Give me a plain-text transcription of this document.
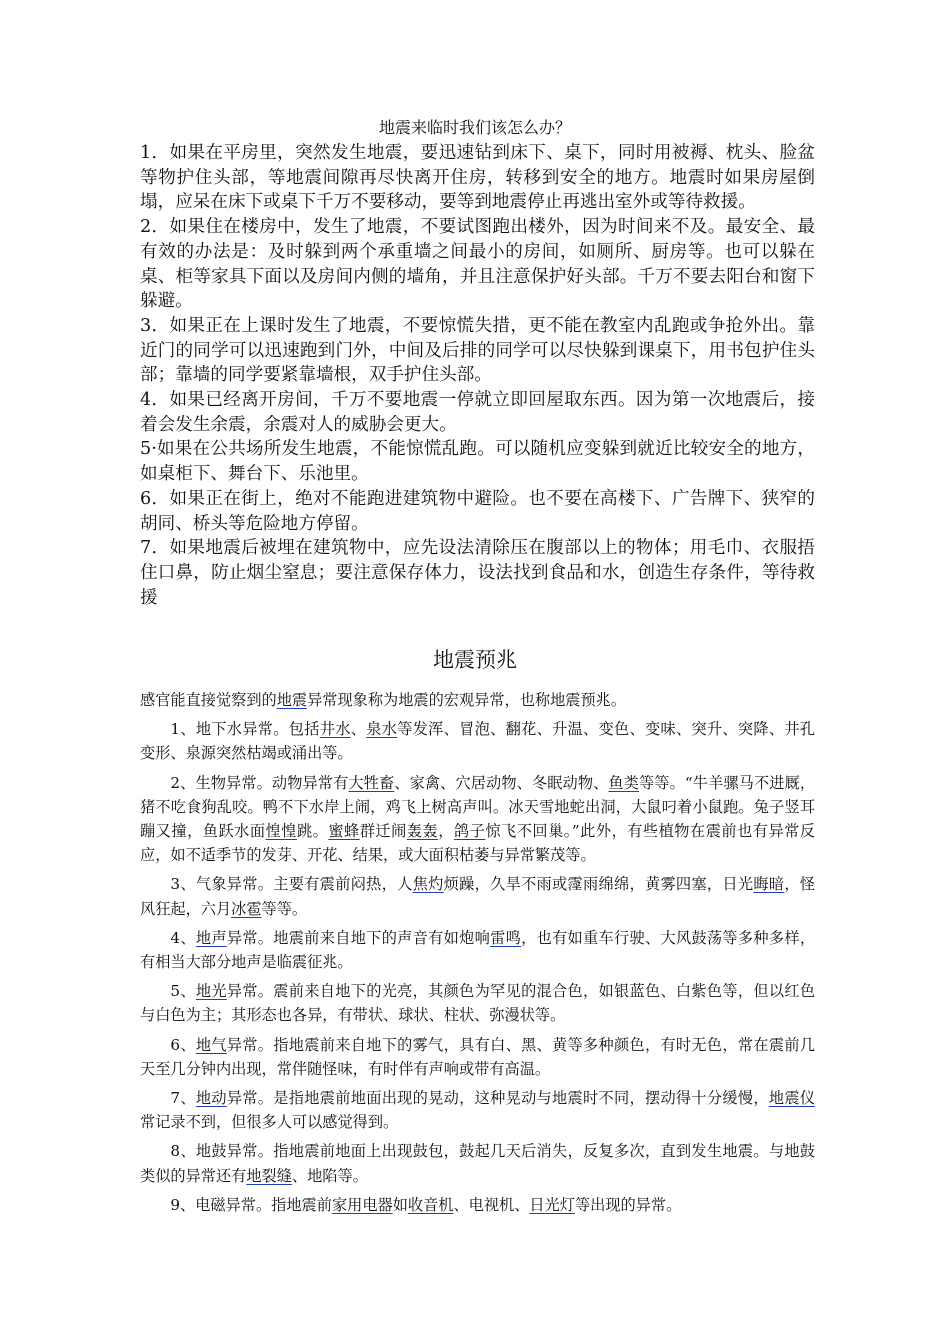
地震来临时我们该怎么办？

1．如果在平房里，突然发生地震，要迅速钻到床下、桌下，同时用被褥、枕头、脸盆等物护住头部，等地震间隙再尽快离开住房，转移到安全的地方。地震时如果房屋倒塌，应呆在床下或桌下千万不要移动，要等到地震停止再逃出室外或等待救援。

2．如果住在楼房中，发生了地震，不要试图跑出楼外，因为时间来不及。最安全、最有效的办法是：及时躲到两个承重墙之间最小的房间，如厕所、厨房等。也可以躲在桌、柜等家具下面以及房间内侧的墙角，并且注意保护好头部。千万不要去阳台和窗下躲避。

3．如果正在上课时发生了地震，不要惊慌失措，更不能在教室内乱跑或争抢外出。靠近门的同学可以迅速跑到门外，中间及后排的同学可以尽快躲到课桌下，用书包护住头部；靠墙的同学要紧靠墙根，双手护住头部。

4．如果已经离开房间，千万不要地震一停就立即回屋取东西。因为第一次地震后，接着会发生余震，余震对人的威胁会更大。

5·如果在公共场所发生地震，不能惊慌乱跑。可以随机应变躲到就近比较安全的地方，如桌柜下、舞台下、乐池里。

6．如果正在街上，绝对不能跑进建筑物中避险。也不要在高楼下、广告牌下、狭窄的胡同、桥头等危险地方停留。

7．如果地震后被埋在建筑物中，应先设法清除压在腹部以上的物体；用毛巾、衣服捂住口鼻，防止烟尘窒息；要注意保存体力，设法找到食品和水，创造生存条件，等待救援

地震预兆

感官能直接觉察到的地震异常现象称为地震的宏观异常，也称地震预兆。

1、地下水异常。包括井水、泉水等发浑、冒泡、翻花、升温、变色、变味、突升、突降、井孔变形、泉源突然枯竭或涌出等。

2、生物异常。动物异常有大牲畜、家禽、穴居动物、冬眠动物、鱼类等等。“牛羊骡马不进厩，猪不吃食狗乱咬。鸭不下水岸上闹，鸡飞上树高声叫。冰天雪地蛇出洞，大鼠叼着小鼠跑。兔子竖耳蹦又撞，鱼跃水面惶惶跳。蜜蜂群迁闹轰轰，鸽子惊飞不回巢。”此外，有些植物在震前也有异常反应，如不适季节的发芽、开花、结果，或大面积枯萎与异常繁茂等。

3、气象异常。主要有震前闷热，人焦灼烦躁，久旱不雨或霪雨绵绵，黄雾四塞，日光晦暗，怪风狂起，六月冰雹等等。

4、地声异常。地震前来自地下的声音有如炮响雷鸣，也有如重车行驶、大风鼓荡等多种多样，有相当大部分地声是临震征兆。

5、地光异常。震前来自地下的光亮，其颜色为罕见的混合色，如银蓝色、白紫色等，但以红色与白色为主；其形态也各异，有带状、球状、柱状、弥漫状等。

6、地气异常。指地震前来自地下的雾气，具有白、黑、黄等多种颜色，有时无色，常在震前几天至几分钟内出现，常伴随怪味，有时伴有声响或带有高温。

7、地动异常。是指地震前地面出现的晃动，这种晃动与地震时不同，摆动得十分缓慢，地震仪常记录不到，但很多人可以感觉得到。

8、地鼓异常。指地震前地面上出现鼓包，鼓起几天后消失，反复多次，直到发生地震。与地鼓类似的异常还有地裂缝、地陷等。

9、电磁异常。指地震前家用电器如收音机、电视机、日光灯等出现的异常。
